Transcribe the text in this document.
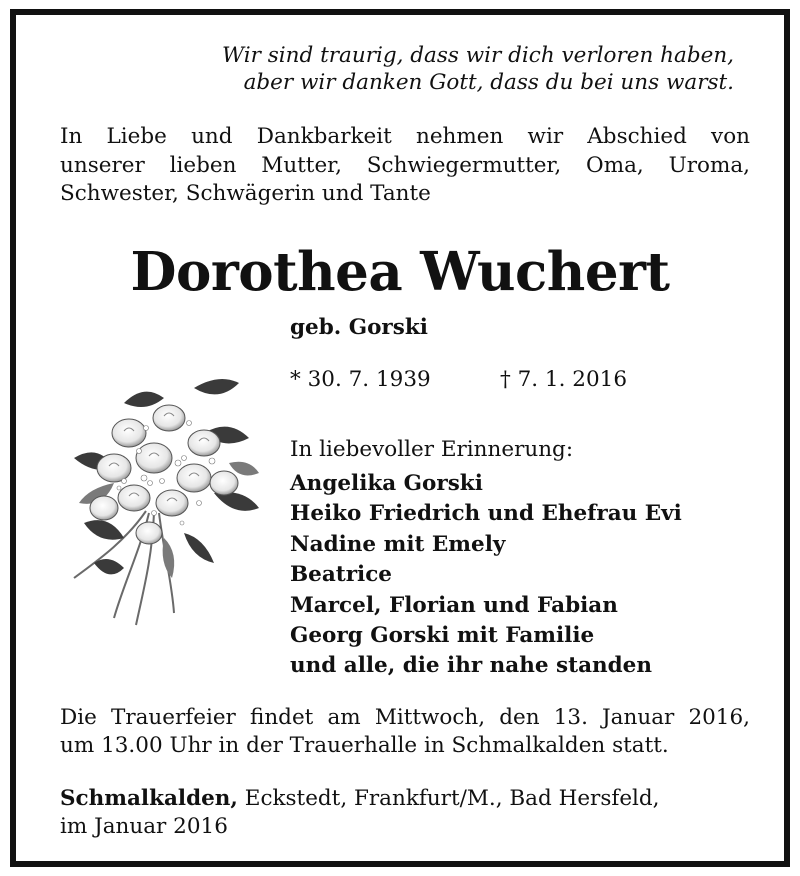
Wir sind traurig, dass wir dich verloren haben,
aber wir danken Gott, dass du bei uns warst.
In Liebe und Dankbarkeit nehmen wir Abschied von
unserer lieben Mutter, Schwiegermutter, Oma, Uroma,
Schwester, Schwägerin und Tante
Dorothea Wuchert
geb. Gorski
* 30. 7. 1939	† 7. 1. 2016
In liebevoller Erinnerung:
Angelika Gorski
Heiko Friedrich und Ehefrau Evi
Nadine mit Emely
Beatrice
Marcel, Florian und Fabian
Georg Gorski mit Familie
und alle, die ihr nahe standen
Die Trauerfeier findet am Mittwoch, den 13. Januar 2016,
um 13.00 Uhr in der Trauerhalle in Schmalkalden statt.
Schmalkalden, Eckstedt, Frankfurt/M., Bad Hersfeld,
im Januar 2016
